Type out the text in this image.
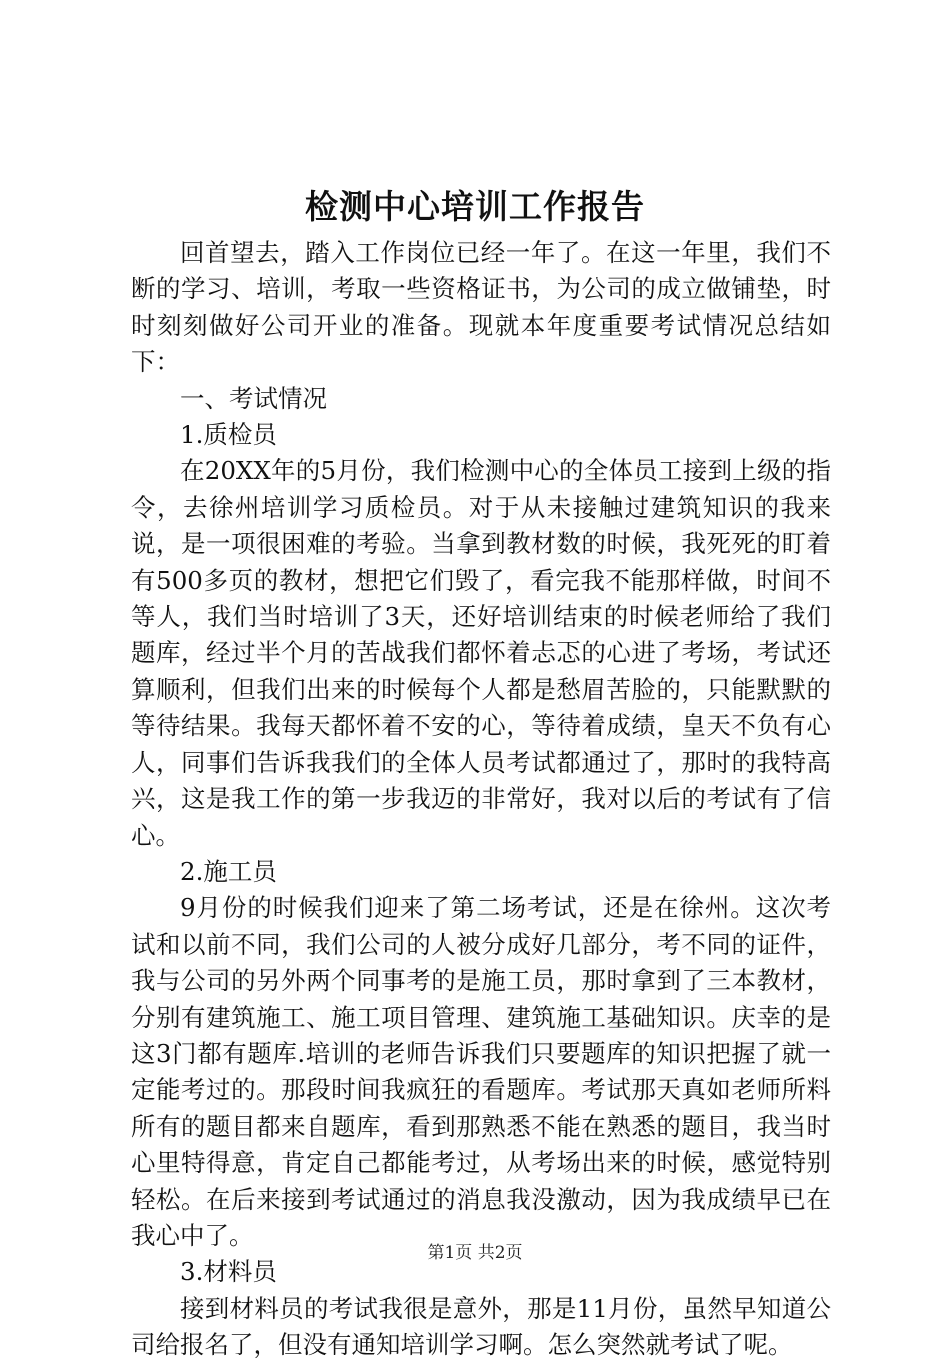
检测中心培训工作报告

回首望去，踏入工作岗位已经一年了。在这一年里，我们不断的学习、培训，考取一些资格证书，为公司的成立做铺垫，时时刻刻做好公司开业的准备。现就本年度重要考试情况总结如下：

一、考试情况

1.质检员

在20XX年的5月份，我们检测中心的全体员工接到上级的指令，去徐州培训学习质检员。对于从未接触过建筑知识的我来说，是一项很困难的考验。当拿到教材数的时候，我死死的盯着有500多页的教材，想把它们毁了，看完我不能那样做，时间不等人，我们当时培训了3天，还好培训结束的时候老师给了我们题库，经过半个月的苦战我们都怀着忐忑的心进了考场，考试还算顺利，但我们出来的时候每个人都是愁眉苦脸的，只能默默的等待结果。我每天都怀着不安的心，等待着成绩，皇天不负有心人，同事们告诉我我们的全体人员考试都通过了，那时的我特高兴，这是我工作的第一步我迈的非常好，我对以后的考试有了信心。

2.施工员

9月份的时候我们迎来了第二场考试，还是在徐州。这次考试和以前不同，我们公司的人被分成好几部分，考不同的证件，我与公司的另外两个同事考的是施工员，那时拿到了三本教材，分别有建筑施工、施工项目管理、建筑施工基础知识。庆幸的是这3门都有题库.培训的老师告诉我们只要题库的知识把握了就一定能考过的。那段时间我疯狂的看题库。考试那天真如老师所料所有的题目都来自题库，看到那熟悉不能在熟悉的题目，我当时心里特得意，肯定自己都能考过，从考场出来的时候，感觉特别轻松。在后来接到考试通过的消息我没激动，因为我成绩早已在我心中了。

3.材料员

接到材料员的考试我很是意外，那是11月份，虽然早知道公司给报名了，但没有通知培训学习啊。怎么突然就考试了呢。

第1页 共2页
